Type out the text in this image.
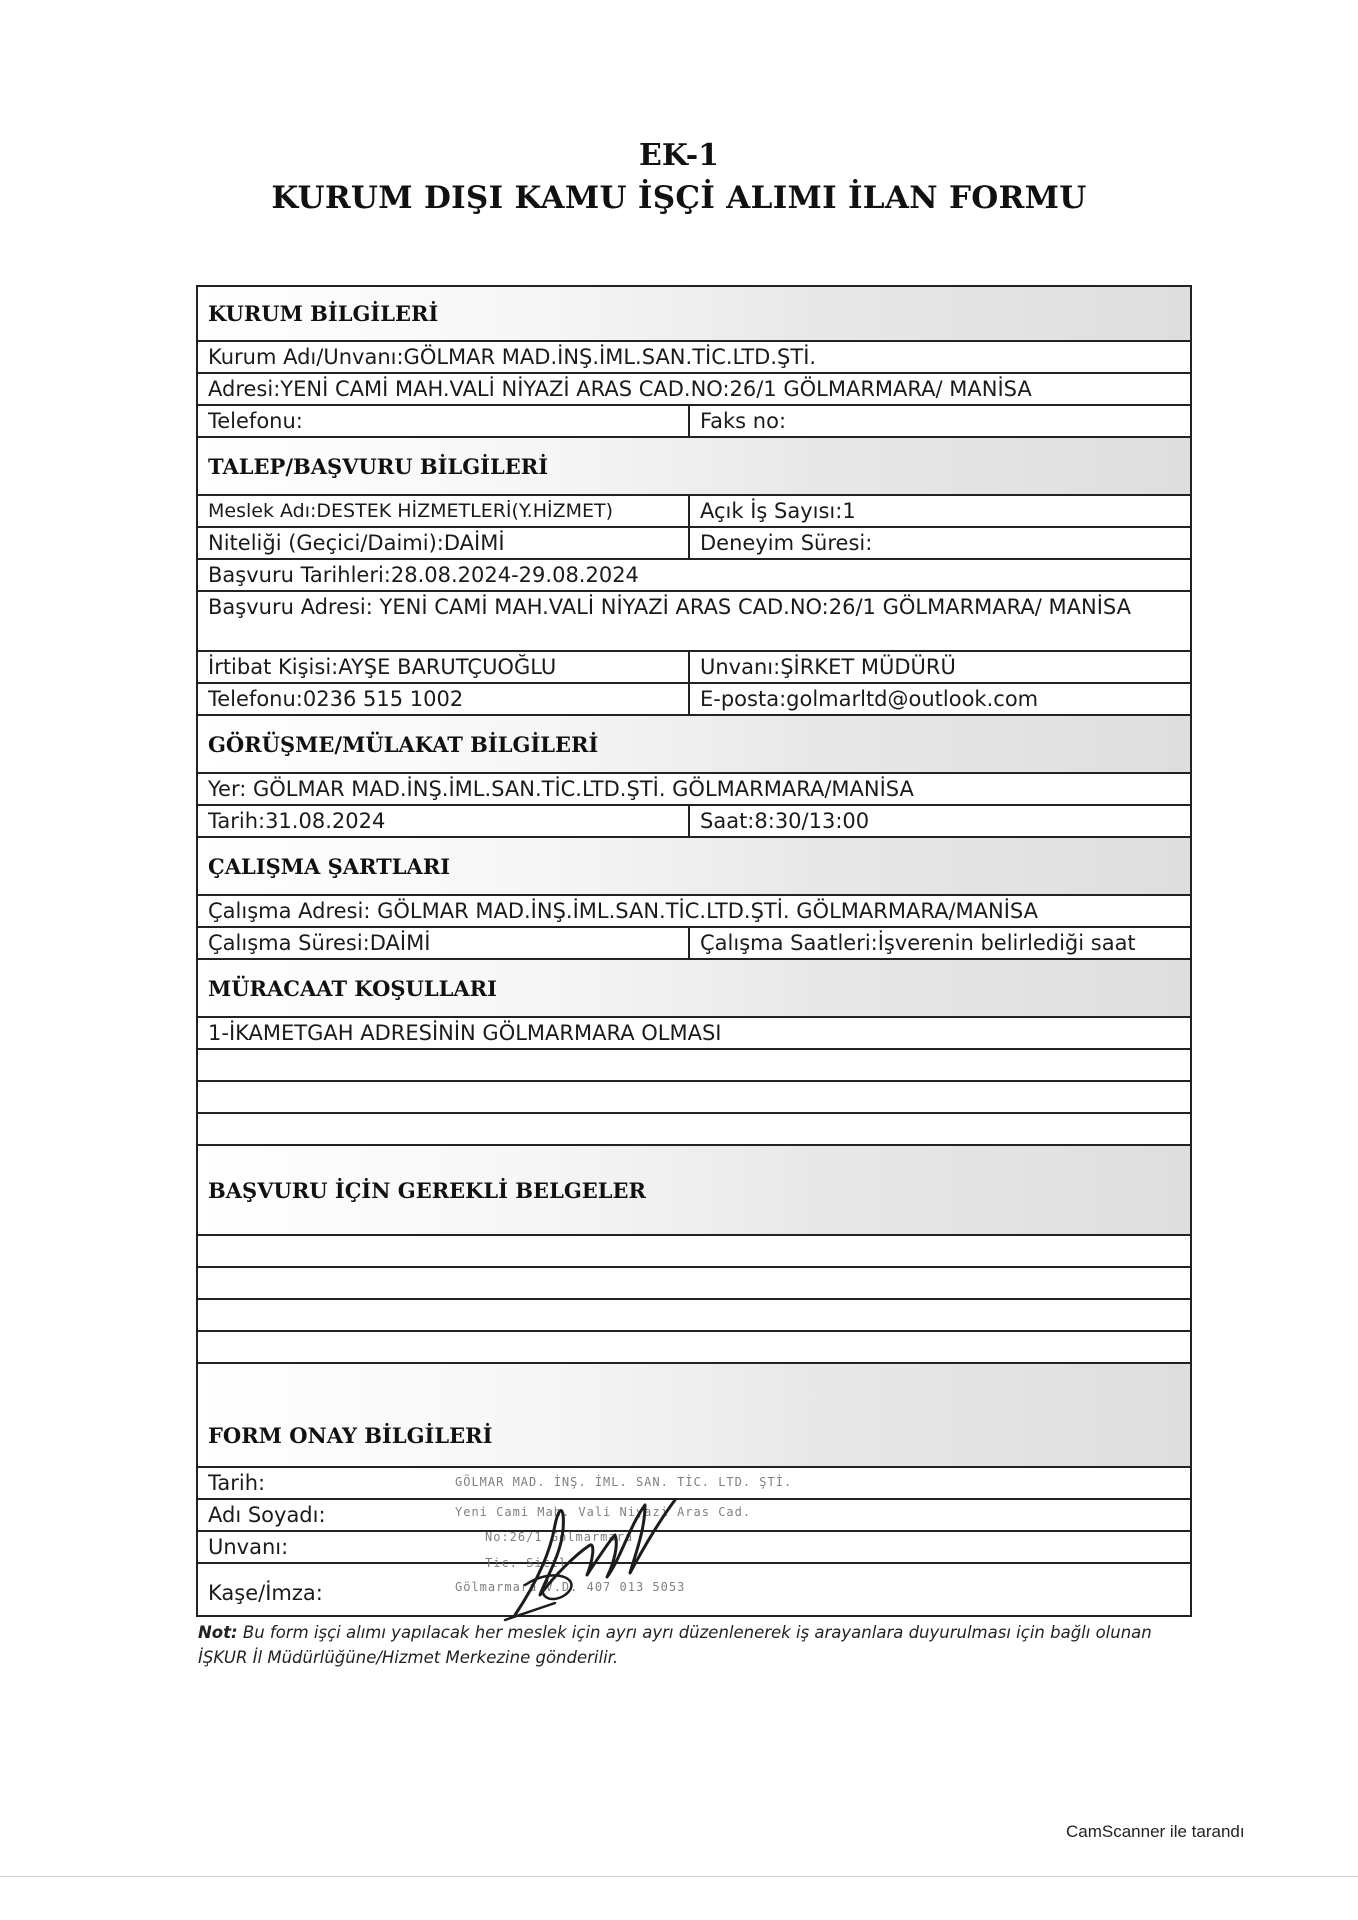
EK-1
KURUM DIŞI KAMU İŞÇİ ALIMI İLAN FORMU
KURUM BİLGİLERİ
Kurum Adı/Unvanı:GÖLMAR MAD.İNŞ.İML.SAN.TİC.LTD.ŞTİ.
Adresi:YENİ CAMİ MAH.VALİ NİYAZİ ARAS CAD.NO:26/1 GÖLMARMARA/ MANİSA
Telefonu:	Faks no:
TALEP/BAŞVURU BİLGİLERİ
Meslek Adı:DESTEK HİZMETLERİ(Y.HİZMET)	Açık İş Sayısı:1
Niteliği (Geçici/Daimi):DAİMİ	Deneyim Süresi:
Başvuru Tarihleri:28.08.2024-29.08.2024
Başvuru Adresi: YENİ CAMİ MAH.VALİ NİYAZİ ARAS CAD.NO:26/1 GÖLMARMARA/ MANİSA
İrtibat Kişisi:AYŞE BARUTÇUOĞLU	Unvanı:ŞİRKET MÜDÜRÜ
Telefonu:0236 515 1002	E-posta:golmarltd@outlook.com
GÖRÜŞME/MÜLAKAT BİLGİLERİ
Yer: GÖLMAR MAD.İNŞ.İML.SAN.TİC.LTD.ŞTİ. GÖLMARMARA/MANİSA
Tarih:31.08.2024	Saat:8:30/13:00
ÇALIŞMA ŞARTLARI
Çalışma Adresi: GÖLMAR MAD.İNŞ.İML.SAN.TİC.LTD.ŞTİ. GÖLMARMARA/MANİSA
Çalışma Süresi:DAİMİ	Çalışma Saatleri:İşverenin belirlediği saat
MÜRACAAT KOŞULLARI
1-İKAMETGAH ADRESİNİN GÖLMARMARA OLMASI
BAŞVURU İÇİN GEREKLİ BELGELER
FORM ONAY BİLGİLERİ
Tarih:
Adı Soyadı:
Unvanı:
Kaşe/İmza:
GÖLMAR MAD. İNŞ. İML. SAN. TİC. LTD. ŞTİ.
Yeni Cami Mah. Vali Niyazi Aras Cad.
No:26/1 Gölmarmara
Tic. Sicil
Gölmarmara V.D. 407 013 5053
Not: Bu form işçi alımı yapılacak her meslek için ayrı ayrı düzenlenerek iş arayanlara duyurulması için bağlı olunan İŞKUR İl Müdürlüğüne/Hizmet Merkezine gönderilir.
CamScanner ile tarandı
